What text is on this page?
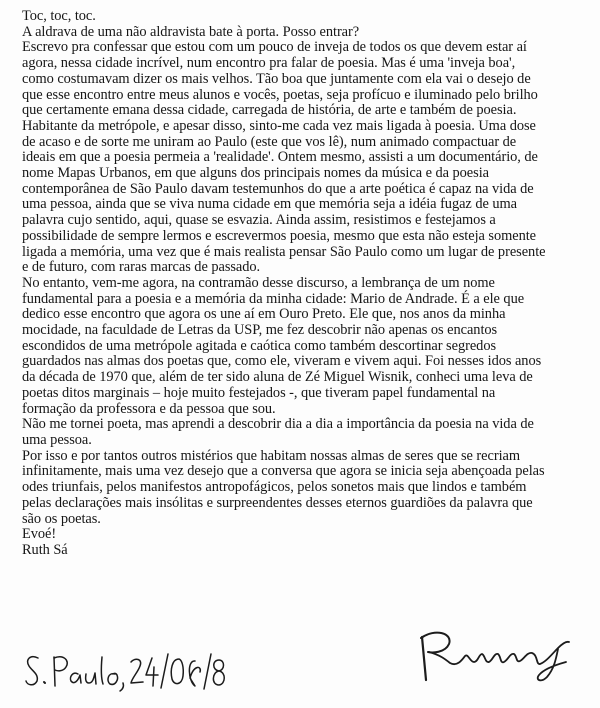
Toc, toc, toc.
A aldrava de uma não aldravista bate à porta. Posso entrar?
Escrevo pra confessar que estou com um pouco de inveja de todos os que devem estar aí
agora, nessa cidade incrível, num encontro pra falar de poesia. Mas é uma 'inveja boa',
como costumavam dizer os mais velhos. Tão boa que juntamente com ela vai o desejo de
que esse encontro entre meus alunos e vocês, poetas, seja profícuo e iluminado pelo brilho
que certamente emana dessa cidade, carregada de história, de arte e também de poesia.
Habitante da metrópole, e apesar disso, sinto-me cada vez mais ligada à poesia. Uma dose
de acaso e de sorte me uniram ao Paulo (este que vos lê), num animado compactuar de
ideais em que a poesia permeia a 'realidade'. Ontem mesmo, assisti a um documentário, de
nome Mapas Urbanos, em que alguns dos principais nomes da música e da poesia
contemporânea de São Paulo davam testemunhos do que a arte poética é capaz na vida de
uma pessoa, ainda que se viva numa cidade em que memória seja a idéia fugaz de uma
palavra cujo sentido, aqui, quase se esvazia. Ainda assim, resistimos e festejamos a
possibilidade de sempre lermos e escrevermos poesia, mesmo que esta não esteja somente
ligada a memória, uma vez que é mais realista pensar São Paulo como um lugar de presente
e de futuro, com raras marcas de passado.
No entanto, vem-me agora, na contramão desse discurso, a lembrança de um nome
fundamental para a poesia e a memória da minha cidade: Mario de Andrade. É a ele que
dedico esse encontro que agora os une aí em Ouro Preto. Ele que, nos anos da minha
mocidade, na faculdade de Letras da USP, me fez descobrir não apenas os encantos
escondidos de uma metrópole agitada e caótica como também descortinar segredos
guardados nas almas dos poetas que, como ele, viveram e vivem aqui. Foi nesses idos anos
da década de 1970 que, além de ter sido aluna de Zé Miguel Wisnik, conheci uma leva de
poetas ditos marginais – hoje muito festejados -, que tiveram papel fundamental na
formação da professora e da pessoa que sou.
Não me tornei poeta, mas aprendi a descobrir dia a dia a importância da poesia na vida de
uma pessoa.
Por isso e por tantos outros mistérios que habitam nossas almas de seres que se recriam
infinitamente, mais uma vez desejo que a conversa que agora se inicia seja abençoada pelas
odes triunfais, pelos manifestos antropofágicos, pelos sonetos mais que lindos e também
pelas declarações mais insólitas e surpreendentes desses eternos guardiões da palavra que
são os poetas.
Evoé!
Ruth Sá
